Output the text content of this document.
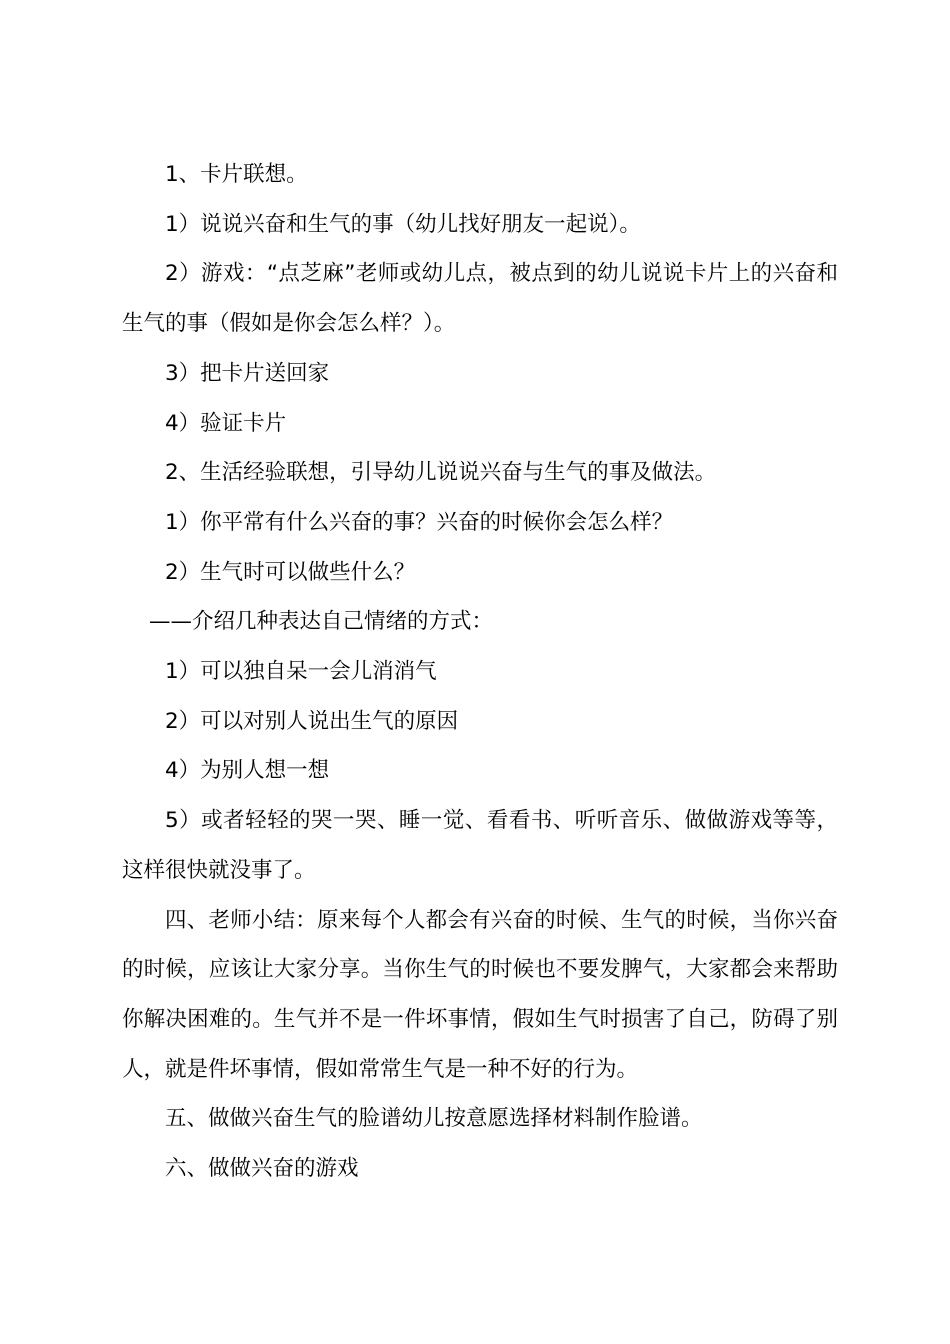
1、卡片联想。

1）说说兴奋和生气的事（幼儿找好朋友一起说）。

2）游戏：“点芝麻”老师或幼儿点，被点到的幼儿说说卡片上的兴奋和生气的事（假如是你会怎么样？）。

3）把卡片送回家

4）验证卡片

2、生活经验联想，引导幼儿说说兴奋与生气的事及做法。

1）你平常有什么兴奋的事？兴奋的时候你会怎么样？

2）生气时可以做些什么？

——介绍几种表达自己情绪的方式：

1）可以独自呆一会儿消消气

2）可以对别人说出生气的原因

4）为别人想一想

5）或者轻轻的哭一哭、睡一觉、看看书、听听音乐、做做游戏等等，这样很快就没事了。

四、老师小结：原来每个人都会有兴奋的时候、生气的时候，当你兴奋的时候，应该让大家分享。当你生气的时候也不要发脾气，大家都会来帮助你解决困难的。生气并不是一件坏事情，假如生气时损害了自己，防碍了别人，就是件坏事情，假如常常生气是一种不好的行为。

五、做做兴奋生气的脸谱幼儿按意愿选择材料制作脸谱。

六、做做兴奋的游戏
